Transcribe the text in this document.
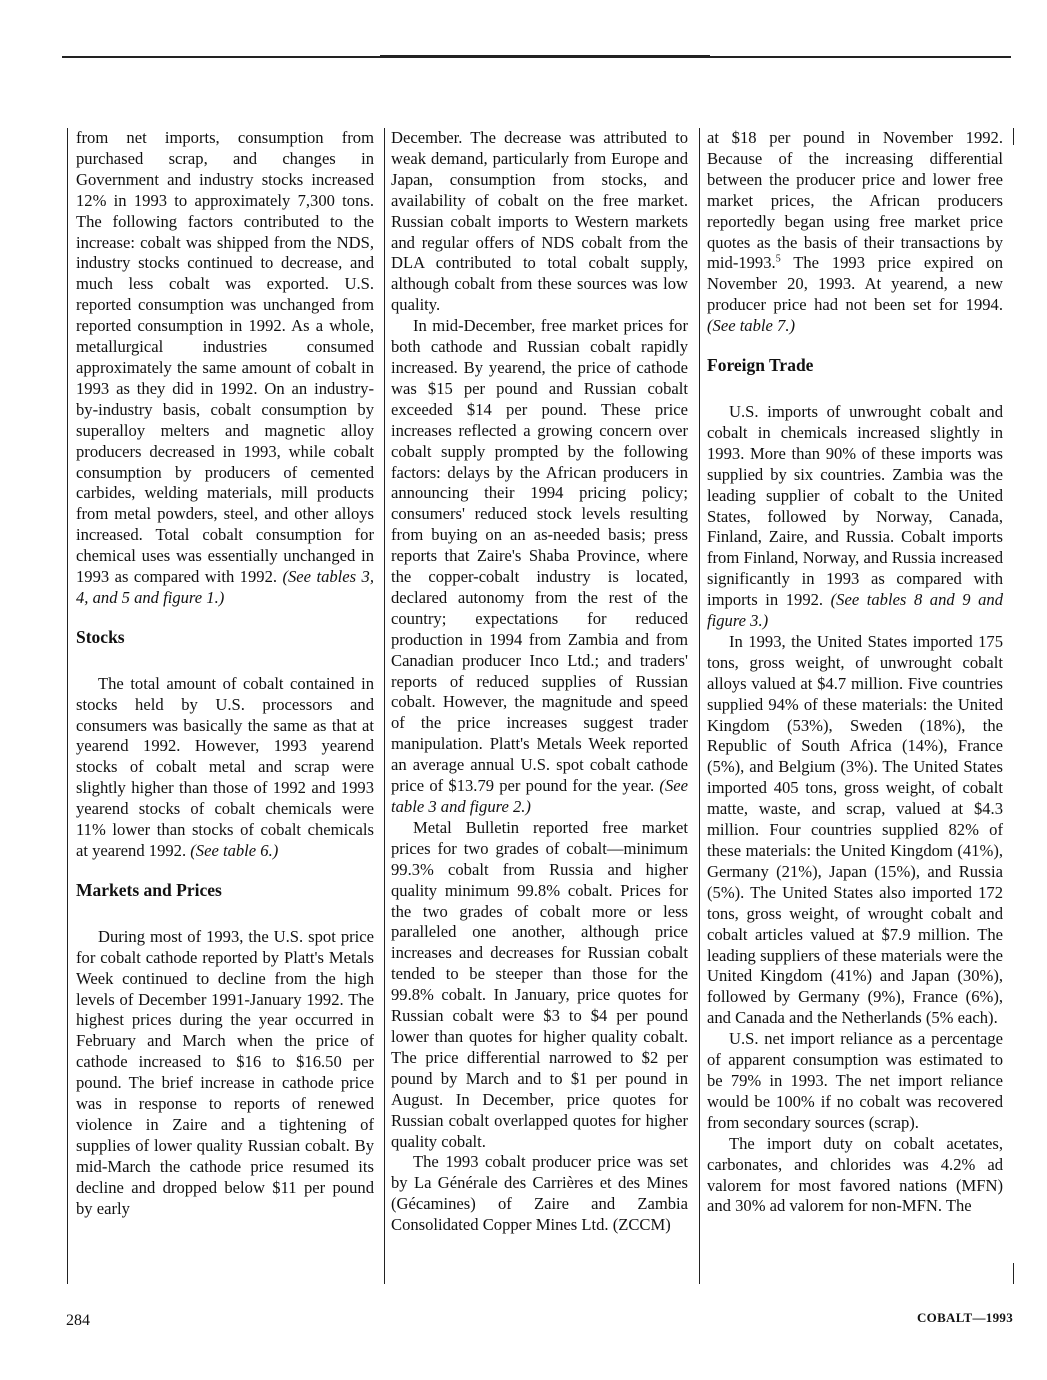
from net imports, consumption from purchased scrap, and changes in Government and industry stocks increased 12% in 1993 to approximately 7,300 tons. The following factors contributed to the increase: cobalt was shipped from the NDS, industry stocks continued to decrease, and much less cobalt was exported. U.S. reported consumption was unchanged from reported consumption in 1992. As a whole, metallurgical industries consumed approximately the same amount of cobalt in 1993 as they did in 1992. On an industry-by-industry basis, cobalt consumption by superalloy melters and magnetic alloy producers decreased in 1993, while cobalt consumption by producers of cemented carbides, welding materials, mill products from metal powders, steel, and other alloys increased. Total cobalt consumption for chemical uses was essentially unchanged in 1993 as compared with 1992. (See tables 3, 4, and 5 and figure 1.)

Stocks

The total amount of cobalt contained in stocks held by U.S. processors and consumers was basically the same as that at yearend 1992. However, 1993 yearend stocks of cobalt metal and scrap were slightly higher than those of 1992 and 1993 yearend stocks of cobalt chemicals were 11% lower than stocks of cobalt chemicals at yearend 1992. (See table 6.)

Markets and Prices

During most of 1993, the U.S. spot price for cobalt cathode reported by Platt's Metals Week continued to decline from the high levels of December 1991-January 1992. The highest prices during the year occurred in February and March when the price of cathode increased to $16 to $16.50 per pound. The brief increase in cathode price was in response to reports of renewed violence in Zaire and a tightening of supplies of lower quality Russian cobalt. By mid-March the cathode price resumed its decline and dropped below $11 per pound by early

December. The decrease was attributed to weak demand, particularly from Europe and Japan, consumption from stocks, and availability of cobalt on the free market. Russian cobalt imports to Western markets and regular offers of NDS cobalt from the DLA contributed to total cobalt supply, although cobalt from these sources was low quality.

In mid-December, free market prices for both cathode and Russian cobalt rapidly increased. By yearend, the price of cathode was $15 per pound and Russian cobalt exceeded $14 per pound. These price increases reflected a growing concern over cobalt supply prompted by the following factors: delays by the African producers in announcing their 1994 pricing policy; consumers' reduced stock levels resulting from buying on an as-needed basis; press reports that Zaire's Shaba Province, where the copper-cobalt industry is located, declared autonomy from the rest of the country; expectations for reduced production in 1994 from Zambia and from Canadian producer Inco Ltd.; and traders' reports of reduced supplies of Russian cobalt. However, the magnitude and speed of the price increases suggest trader manipulation. Platt's Metals Week reported an average annual U.S. spot cobalt cathode price of $13.79 per pound for the year. (See table 3 and figure 2.)

Metal Bulletin reported free market prices for two grades of cobalt—minimum 99.3% cobalt from Russia and higher quality minimum 99.8% cobalt. Prices for the two grades of cobalt more or less paralleled one another, although price increases and decreases for Russian cobalt tended to be steeper than those for the 99.8% cobalt. In January, price quotes for Russian cobalt were $3 to $4 per pound lower than quotes for higher quality cobalt. The price differential narrowed to $2 per pound by March and to $1 per pound in August. In December, price quotes for Russian cobalt overlapped quotes for higher quality cobalt.

The 1993 cobalt producer price was set by La Générale des Carrières et des Mines (Gécamines) of Zaire and Zambia Consolidated Copper Mines Ltd. (ZCCM)

at $18 per pound in November 1992. Because of the increasing differential between the producer price and lower free market prices, the African producers reportedly began using free market price quotes as the basis of their transactions by mid-1993.$^5$ The 1993 price expired on November 20, 1993. At yearend, a new producer price had not been set for 1994. (See table 7.)

Foreign Trade

U.S. imports of unwrought cobalt and cobalt in chemicals increased slightly in 1993. More than 90% of these imports was supplied by six countries. Zambia was the leading supplier of cobalt to the United States, followed by Norway, Canada, Finland, Zaire, and Russia. Cobalt imports from Finland, Norway, and Russia increased significantly in 1993 as compared with imports in 1992. (See tables 8 and 9 and figure 3.)

In 1993, the United States imported 175 tons, gross weight, of unwrought cobalt alloys valued at $4.7 million. Five countries supplied 94% of these materials: the United Kingdom (53%), Sweden (18%), the Republic of South Africa (14%), France (5%), and Belgium (3%). The United States imported 405 tons, gross weight, of cobalt matte, waste, and scrap, valued at $4.3 million. Four countries supplied 82% of these materials: the United Kingdom (41%), Germany (21%), Japan (15%), and Russia (5%). The United States also imported 172 tons, gross weight, of wrought cobalt and cobalt articles valued at $7.9 million. The leading suppliers of these materials were the United Kingdom (41%) and Japan (30%), followed by Germany (9%), France (6%), and Canada and the Netherlands (5% each).

U.S. net import reliance as a percentage of apparent consumption was estimated to be 79% in 1993. The net import reliance would be 100% if no cobalt was recovered from secondary sources (scrap).

The import duty on cobalt acetates, carbonates, and chlorides was 4.2% ad valorem for most favored nations (MFN) and 30% ad valorem for non-MFN. The

284	COBALT—1993
